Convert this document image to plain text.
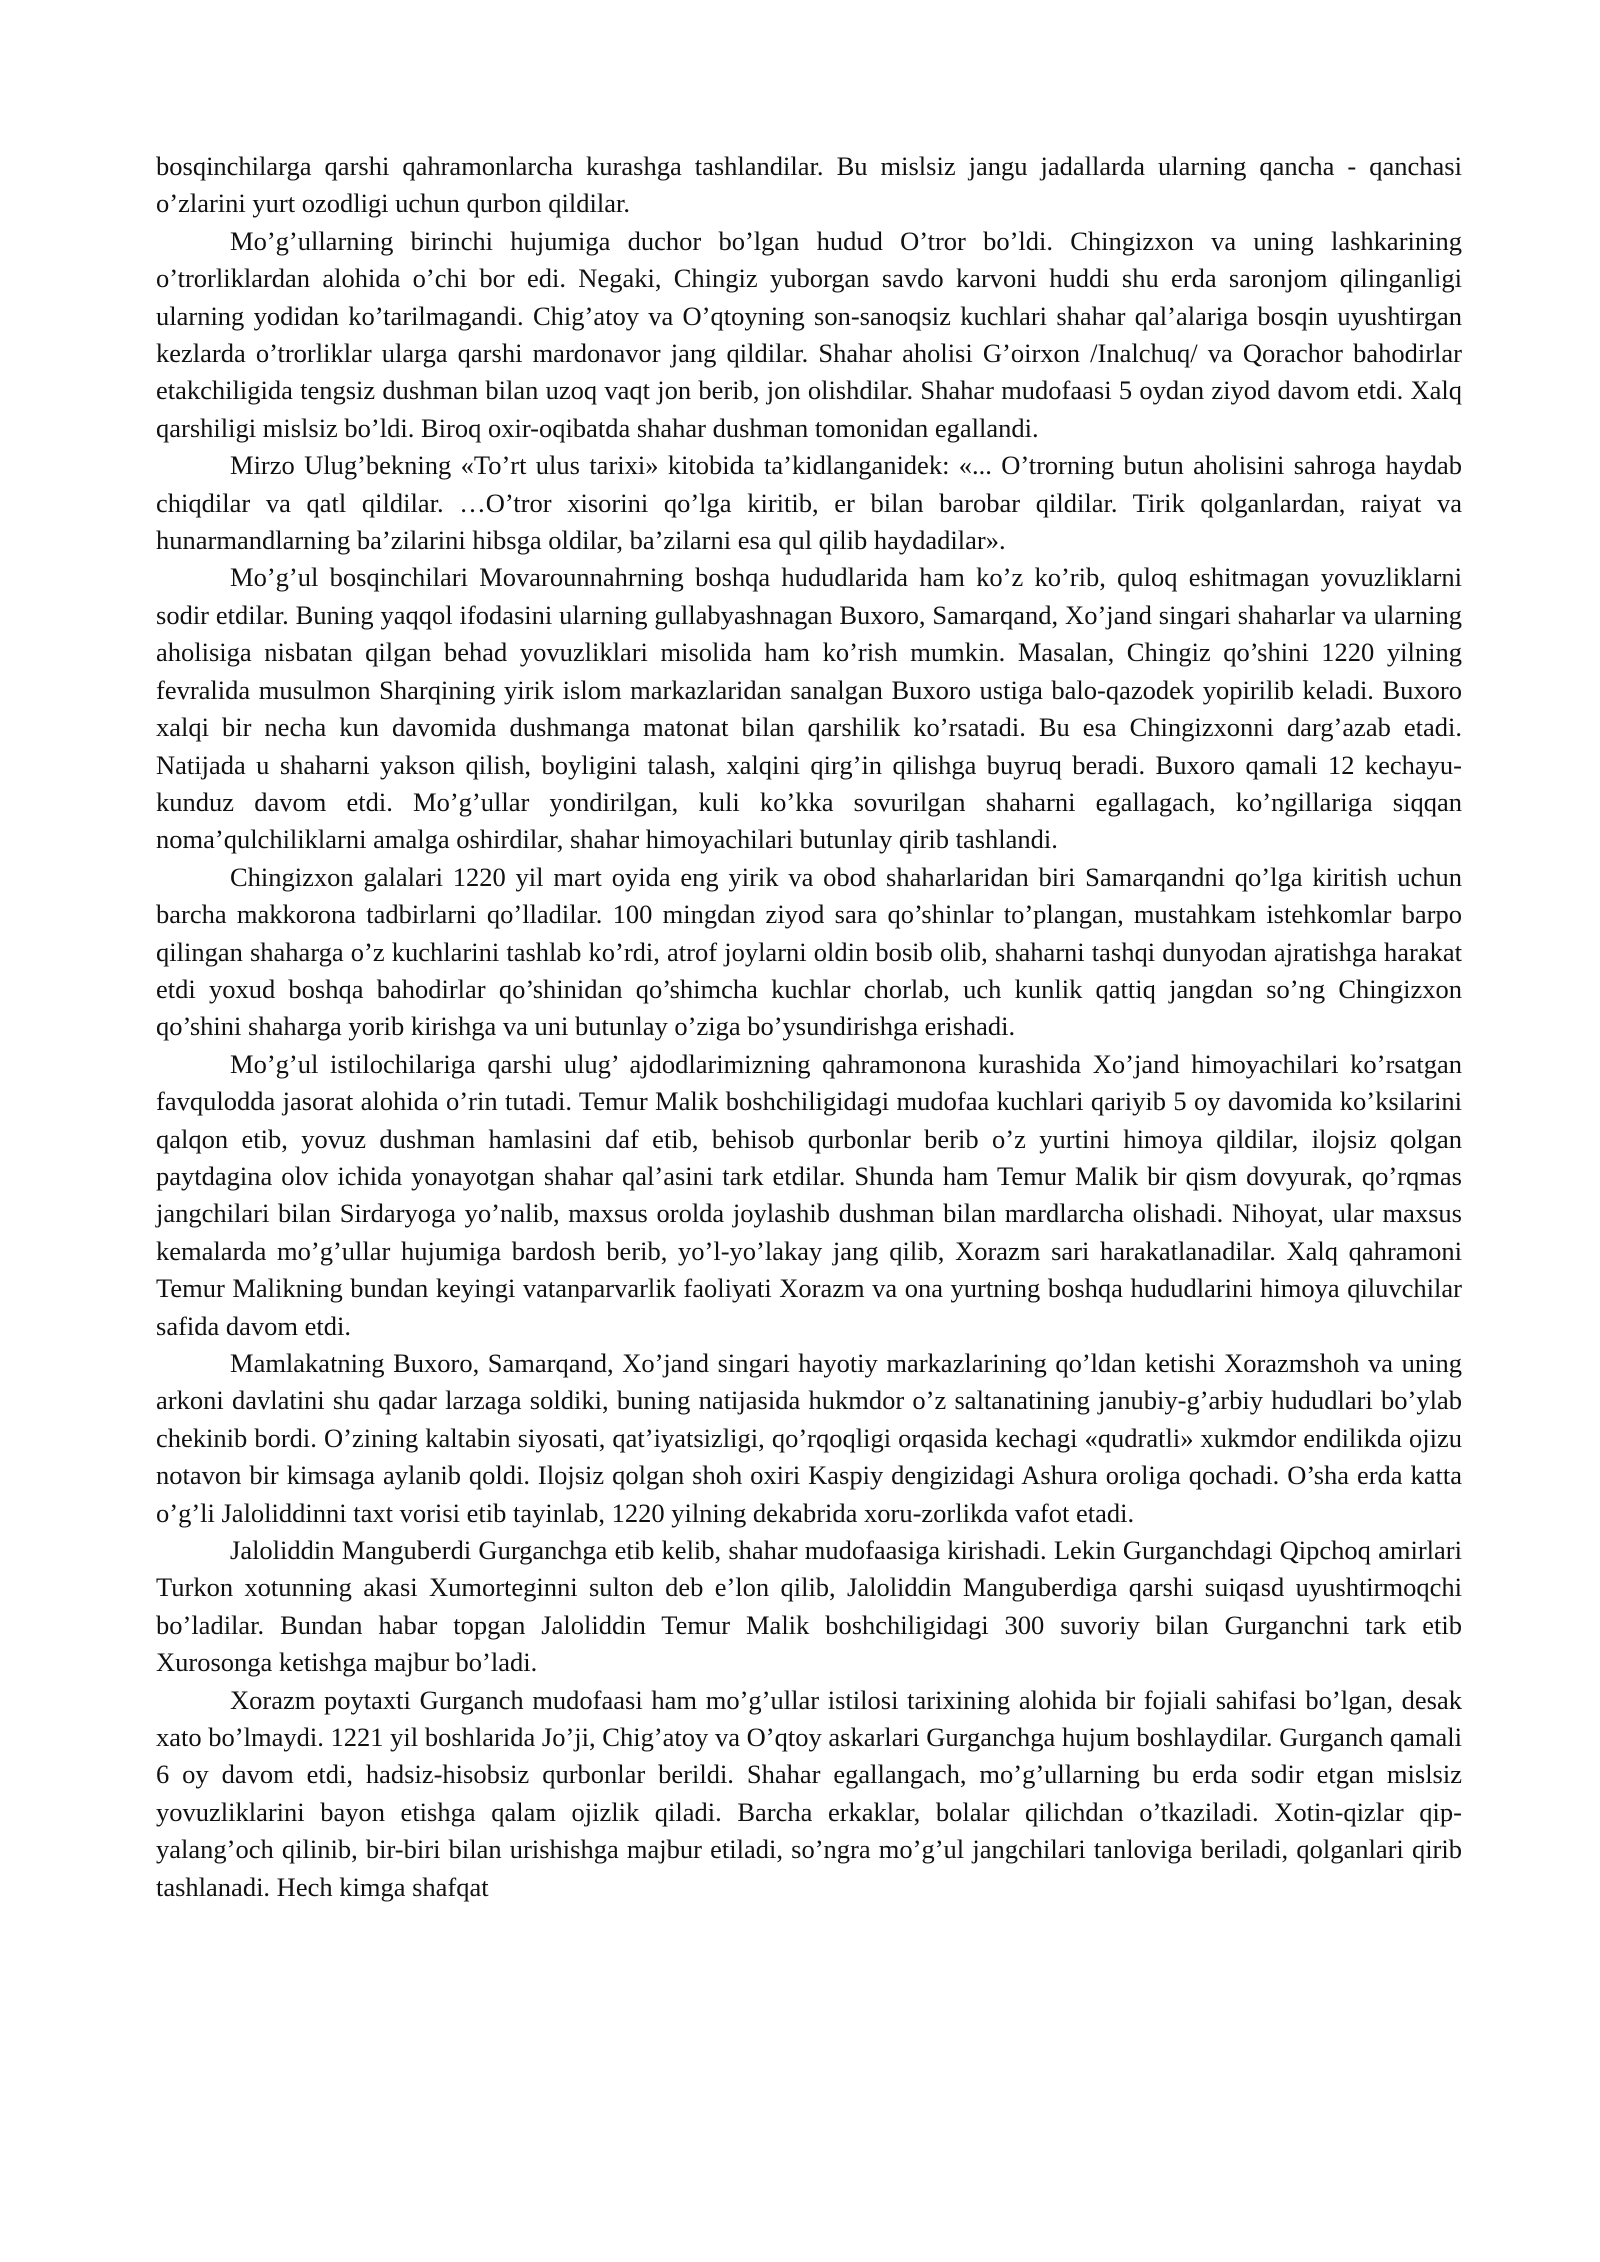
bosqinchilarga qarshi qahramonlarcha kurashga tashlandilar. Bu mislsiz jangu jadallarda ularning qancha - qanchasi o’zlarini yurt ozodligi uchun qurbon qildilar.

Mo’g’ullarning birinchi hujumiga duchor bo’lgan hudud O’tror bo’ldi. Chingizxon va uning lashkarining o’trorliklardan alohida o’chi bor edi. Negaki, Chingiz yuborgan savdo karvoni huddi shu erda saronjom qilinganligi ularning yodidan ko’tarilmagandi. Chig’atoy va O’qtoyning son-sanoqsiz kuchlari shahar qal’alariga bosqin uyushtirgan kezlarda o’trorliklar ularga qarshi mardonavor jang qildilar. Shahar aholisi G’oirxon /Inalchuq/ va Qorachor bahodirlar etakchiligida tengsiz dushman bilan uzoq vaqt jon berib, jon olishdilar. Shahar mudofaasi 5 oydan ziyod davom etdi. Xalq qarshiligi mislsiz bo’ldi. Biroq oxir-oqibatda shahar dushman tomonidan egallandi.

Mirzo Ulug’bekning «To’rt ulus tarixi» kitobida ta’kidlanganidek: «... O’trorning butun aholisini sahroga haydab chiqdilar va qatl qildilar. …O’tror xisorini qo’lga kiritib, er bilan barobar qildilar. Tirik qolganlardan, raiyat va hunarmandlarning ba’zilarini hibsga oldilar, ba’zilarni esa qul qilib haydadilar».

Mo’g’ul bosqinchilari Movarounnahrning boshqa hududlarida ham ko’z ko’rib, quloq eshitmagan yovuzliklarni sodir etdilar. Buning yaqqol ifodasini ularning gullabyashnagan Buxoro, Samarqand, Xo’jand singari shaharlar va ularning aholisiga nisbatan qilgan behad yovuzliklari misolida ham ko’rish mumkin. Masalan, Chingiz qo’shini 1220 yilning fevralida musulmon Sharqining yirik islom markazlaridan sanalgan Buxoro ustiga balo-qazodek yopirilib keladi. Buxoro xalqi bir necha kun davomida dushmanga matonat bilan qarshilik ko’rsatadi. Bu esa Chingizxonni darg’azab etadi. Natijada u shaharni yakson qilish, boyligini talash, xalqini qirg’in qilishga buyruq beradi. Buxoro qamali 12 kechayu-kunduz davom etdi. Mo’g’ullar yondirilgan, kuli ko’kka sovurilgan shaharni egallagach, ko’ngillariga siqqan noma’qulchiliklarni amalga oshirdilar, shahar himoyachilari butunlay qirib tashlandi.

Chingizxon galalari 1220 yil mart oyida eng yirik va obod shaharlaridan biri Samarqandni qo’lga kiritish uchun barcha makkorona tadbirlarni qo’lladilar. 100 mingdan ziyod sara qo’shinlar to’plangan, mustahkam istehkomlar barpo qilingan shaharga o’z kuchlarini tashlab ko’rdi, atrof joylarni oldin bosib olib, shaharni tashqi dunyodan ajratishga harakat etdi yoxud boshqa bahodirlar qo’shinidan qo’shimcha kuchlar chorlab, uch kunlik qattiq jangdan so’ng Chingizxon qo’shini shaharga yorib kirishga va uni butunlay o’ziga bo’ysundirishga erishadi.

Mo’g’ul istilochilariga qarshi ulug’ ajdodlarimizning qahramonona kurashida Xo’jand himoyachilari ko’rsatgan favqulodda jasorat alohida o’rin tutadi. Temur Malik boshchiligidagi mudofaa kuchlari qariyib 5 oy davomida ko’ksilarini qalqon etib, yovuz dushman hamlasini daf etib, behisob qurbonlar berib o’z yurtini himoya qildilar, ilojsiz qolgan paytdagina olov ichida yonayotgan shahar qal’asini tark etdilar. Shunda ham Temur Malik bir qism dovyurak, qo’rqmas jangchilari bilan Sirdaryoga yo’nalib, maxsus orolda joylashib dushman bilan mardlarcha olishadi. Nihoyat, ular maxsus kemalarda mo’g’ullar hujumiga bardosh berib, yo’l-yo’lakay jang qilib, Xorazm sari harakatlanadilar. Xalq qahramoni Temur Malikning bundan keyingi vatanparvarlik faoliyati Xorazm va ona yurtning boshqa hududlarini himoya qiluvchilar safida davom etdi.

Mamlakatning Buxoro, Samarqand, Xo’jand singari hayotiy markazlarining qo’ldan ketishi Xorazmshoh va uning arkoni davlatini shu qadar larzaga soldiki, buning natijasida hukmdor o’z saltanatining janubiy-g’arbiy hududlari bo’ylab chekinib bordi. O’zining kaltabin siyosati, qat’iyatsizligi, qo’rqoqligi orqasida kechagi «qudratli» xukmdor endilikda ojizu notavon bir kimsaga aylanib qoldi. Ilojsiz qolgan shoh oxiri Kaspiy dengizidagi Ashura oroliga qochadi. O’sha erda katta o’g’li Jaloliddinni taxt vorisi etib tayinlab, 1220 yilning dekabrida xoru-zorlikda vafot etadi.

Jaloliddin Manguberdi Gurganchga etib kelib, shahar mudofaasiga kirishadi. Lekin Gurganchdagi Qipchoq amirlari Turkon xotunning akasi Xumorteginni sulton deb e’lon qilib, Jaloliddin Manguberdiga qarshi suiqasd uyushtirmoqchi bo’ladilar. Bundan habar topgan Jaloliddin Temur Malik boshchiligidagi 300 suvoriy bilan Gurganchni tark etib Xurosonga ketishga majbur bo’ladi.

Xorazm poytaxti Gurganch mudofaasi ham mo’g’ullar istilosi tarixining alohida bir fojiali sahifasi bo’lgan, desak xato bo’lmaydi. 1221 yil boshlarida Jo’ji, Chig’atoy va O’qtoy askarlari Gurganchga hujum boshlaydilar. Gurganch qamali 6 oy davom etdi, hadsiz-hisobsiz qurbonlar berildi. Shahar egallangach, mo’g’ullarning bu erda sodir etgan mislsiz yovuzliklarini bayon etishga qalam ojizlik qiladi. Barcha erkaklar, bolalar qilichdan o’tkaziladi. Xotin-qizlar qip-yalang’och qilinib, bir-biri bilan urishishga majbur etiladi, so’ngra mo’g’ul jangchilari tanloviga beriladi, qolganlari qirib tashlanadi. Hech kimga shafqat
